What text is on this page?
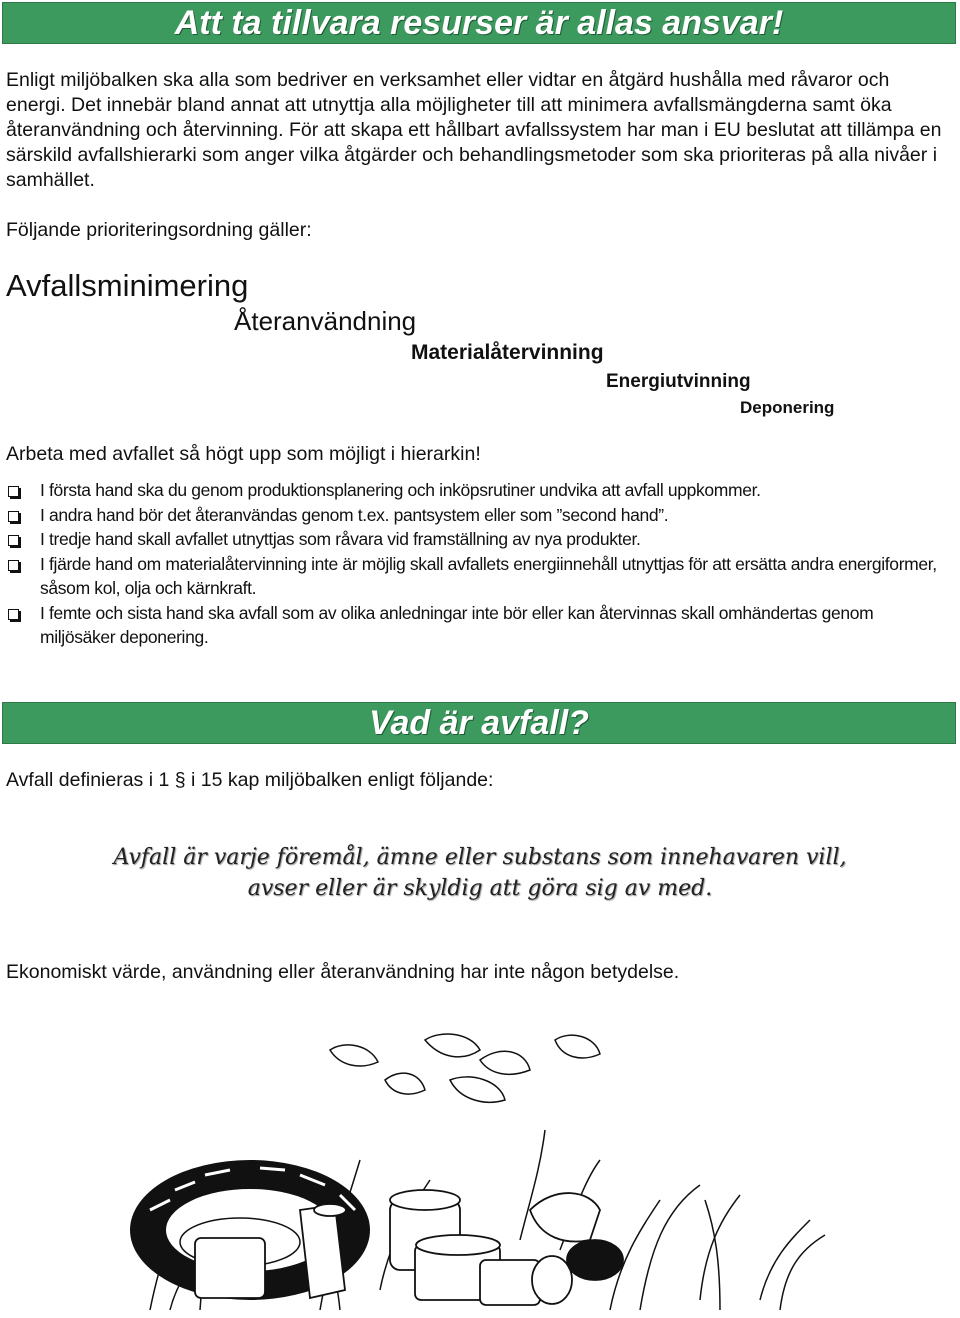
Att ta tillvara resurser är allas ansvar!

Enligt miljöbalken ska alla som bedriver en verksamhet eller vidtar en åtgärd hushålla med råvaror och energi. Det innebär bland annat att utnyttja alla möjligheter till att minimera avfallsmängderna samt öka återanvändning och återvinning. För att skapa ett hållbart avfallssystem har man i EU beslutat att tillämpa en särskild avfallshierarki som anger vilka åtgärder och behandlingsmetoder som ska prioriteras på alla nivåer i samhället.

Följande prioriteringsordning gäller:

Avfallsminimering

Återanvändning

Materialåtervinning

Energiutvinning

Deponering

Arbeta med avfallet så högt upp som möjligt i hierarkin!

I första hand ska du genom produktionsplanering och inköpsrutiner undvika att avfall uppkommer.
I andra hand bör det återanvändas genom t.ex. pantsystem eller som ”second hand”.
I tredje hand skall avfallet utnyttjas som råvara vid framställning av nya produkter.
I fjärde hand om materialåtervinning inte är möjlig skall avfallets energiinnehåll utnyttjas för att ersätta andra energiformer, såsom kol, olja och kärnkraft.
I femte och sista hand ska avfall som av olika anledningar inte bör eller kan återvinnas skall omhändertas genom miljösäker deponering.
Vad är avfall?

Avfall definieras i 1 § i 15 kap miljöbalken enligt följande:

Avfall är varje föremål, ämne eller substans som innehavaren vill,
avser eller är skyldig att göra sig av med.

Ekonomiskt värde, användning eller återanvändning har inte någon betydelse.
